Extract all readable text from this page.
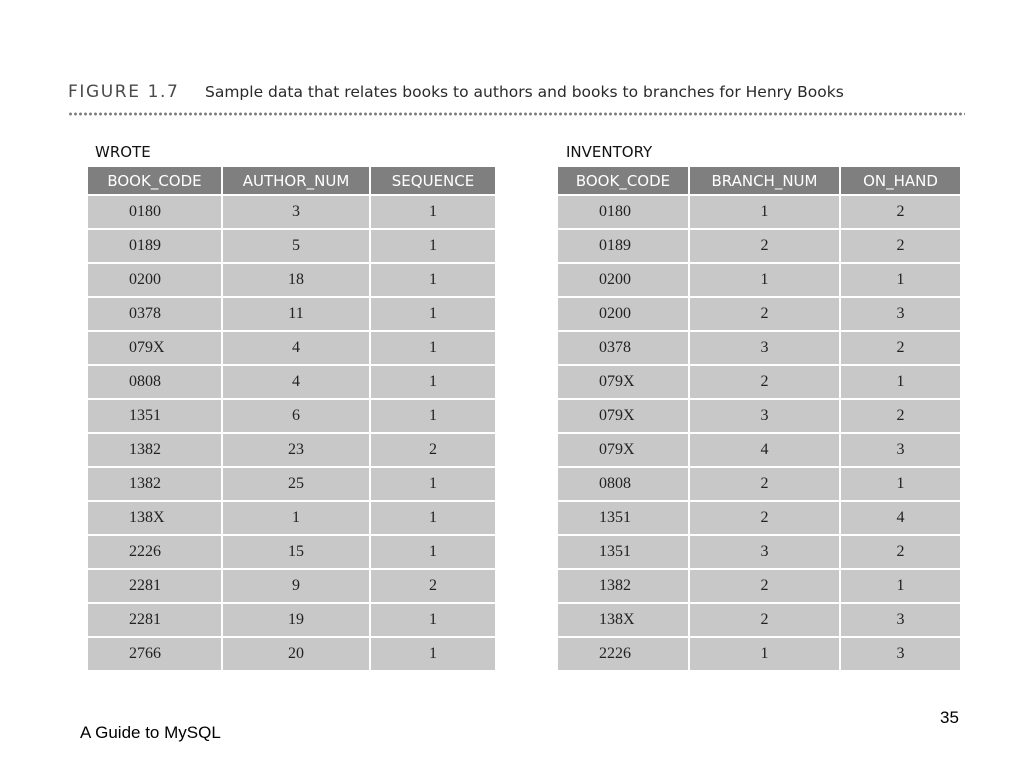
FIGURE 1.7 Sample data that relates books to authors and books to branches for Henry Books
WROTE
BOOK_CODE	AUTHOR_NUM	SEQUENCE
0180	3	1
0189	5	1
0200	18	1
0378	11	1
079X	4	1
0808	4	1
1351	6	1
1382	23	2
1382	25	1
138X	1	1
2226	15	1
2281	9	2
2281	19	1
2766	20	1
INVENTORY
BOOK_CODE	BRANCH_NUM	ON_HAND
0180	1	2
0189	2	2
0200	1	1
0200	2	3
0378	3	2
079X	2	1
079X	3	2
079X	4	3
0808	2	1
1351	2	4
1351	3	2
1382	2	1
138X	2	3
2226	1	3
A Guide to MySQL
35
